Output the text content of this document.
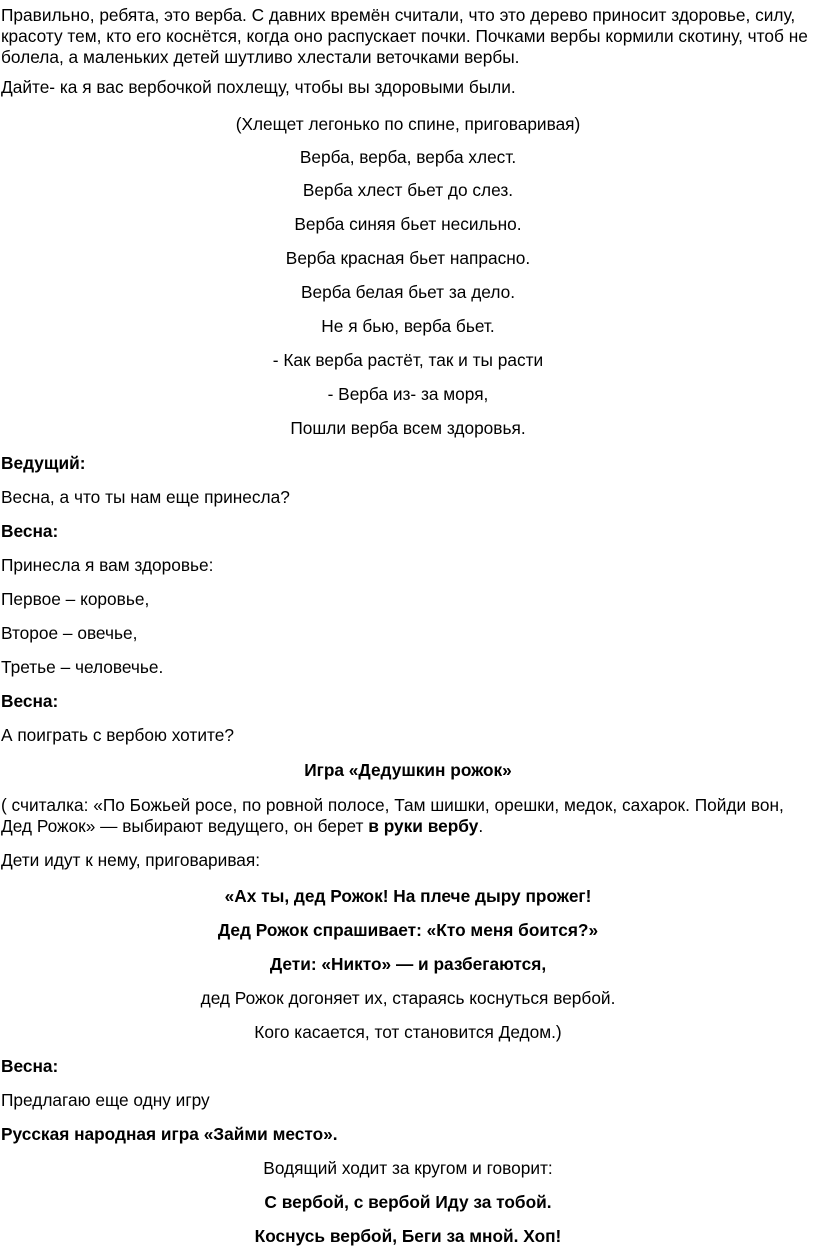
Правильно, ребята, это верба. С давних времён считали, что это дерево приносит здоровье, силу, красоту тем, кто его коснётся, когда оно распускает почки. Почками вербы кормили скотину, чтоб не болела, а маленьких детей шутливо хлестали веточками вербы.

Дайте- ка я вас вербочкой похлещу, чтобы вы здоровыми были.

(Хлещет легонько по спине, приговаривая)

Верба, верба, верба хлест.

Верба хлест бьет до слез.

Верба синяя бьет несильно.

Верба красная бьет напрасно.

Верба белая бьет за дело.

Не я бью, верба бьет.

- Как верба растёт, так и ты расти

- Верба из- за моря,

Пошли верба всем здоровья.

Ведущий:

Весна, а что ты нам еще принесла?

Весна:

Принесла я вам здоровье:

Первое – коровье,

Второе – овечье,

Третье – человечье.

Весна:

А поиграть с вербою хотите?

Игра «Дедушкин рожок»

( считалка: «По Божьей росе, по ровной полосе, Там шишки, орешки, медок, сахарок. Пойди вон, Дед Рожок» — выбирают ведущего, он берет в руки вербу.

Дети идут к нему, приговаривая:

«Ах ты, дед Рожок! На плече дыру прожег!

Дед Рожок спрашивает: «Кто меня боится?»

Дети: «Никто» — и разбегаются,

дед Рожок догоняет их, стараясь коснуться вербой.

Кого касается, тот становится Дедом.)

Весна:

Предлагаю еще одну игру

Русская народная игра «Займи место».

Водящий ходит за кругом и говорит:

С вербой, с вербой Иду за тобой.

Коснусь вербой, Беги за мной. Хоп!
